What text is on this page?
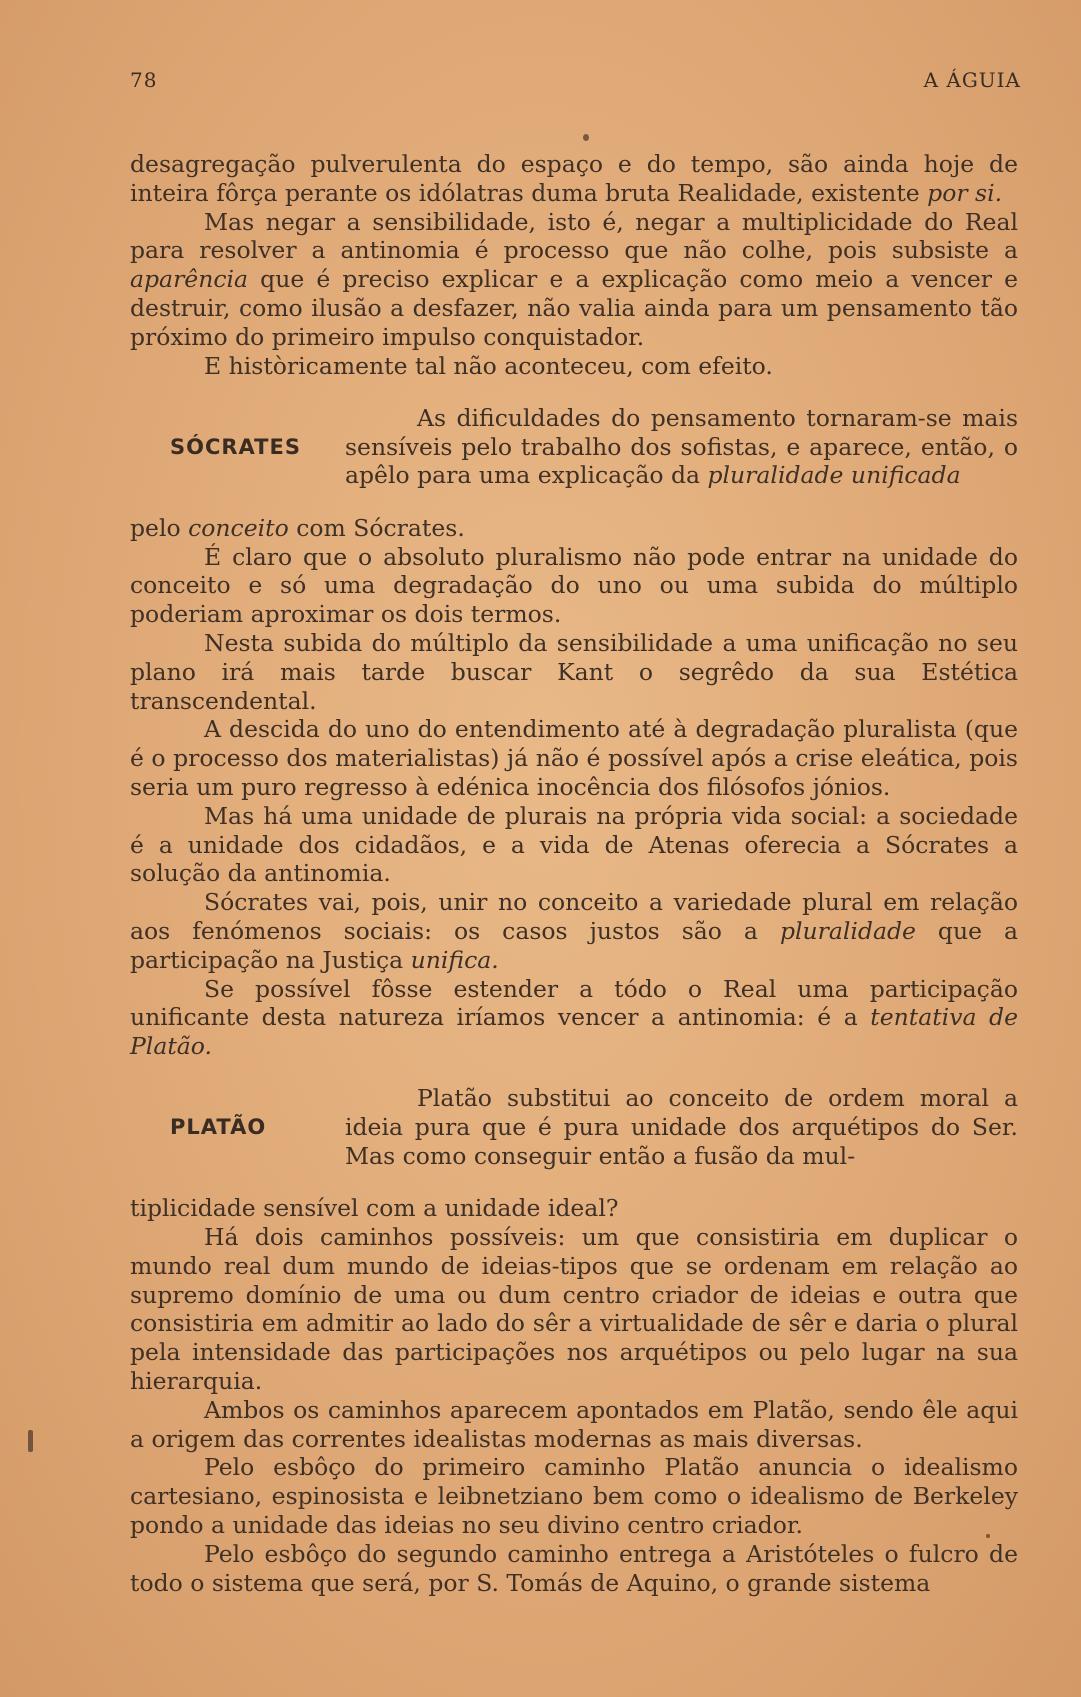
78	A ÁGUIA

desagregação pulverulenta do espaço e do tempo, são ainda hoje de inteira fôrça perante os idólatras duma bruta Realidade, existente por si.

Mas negar a sensibilidade, isto é, negar a multiplicidade do Real para resolver a antinomia é processo que não colhe, pois subsiste a aparência que é preciso explicar e a explicação como meio a vencer e destruir, como ilusão a desfazer, não valia ainda para um pensamento tão próximo do primeiro impulso conquistador.

E històricamente tal não aconteceu, com efeito.

SÓCRATES

As dificuldades do pensamento tornaram-se mais sensíveis pelo trabalho dos sofistas, e aparece, então, o apêlo para uma explicação da pluralidade unificada

pelo conceito com Sócrates.

É claro que o absoluto pluralismo não pode entrar na unidade do conceito e só uma degradação do uno ou uma subida do múltiplo poderiam aproximar os dois termos.

Nesta subida do múltiplo da sensibilidade a uma unificação no seu plano irá mais tarde buscar Kant o segrêdo da sua Estética transcendental.

A descida do uno do entendimento até à degradação pluralista (que é o processo dos materialistas) já não é possível após a crise eleática, pois seria um puro regresso à edénica inocência dos filósofos jónios.

Mas há uma unidade de plurais na própria vida social: a sociedade é a unidade dos cidadãos, e a vida de Atenas oferecia a Sócrates a solução da antinomia.

Sócrates vai, pois, unir no conceito a variedade plural em relação aos fenómenos sociais: os casos justos são a pluralidade que a participação na Justiça unifica.

Se possível fôsse estender a tódo o Real uma participação unificante desta natureza iríamos vencer a antinomia: é a tentativa de Platão.

PLATÃO

Platão substitui ao conceito de ordem moral a ideia pura que é pura unidade dos arquétipos do Ser. Mas como conseguir então a fusão da mul-

tiplicidade sensível com a unidade ideal?

Há dois caminhos possíveis: um que consistiria em duplicar o mundo real dum mundo de ideias-tipos que se ordenam em relação ao supremo domínio de uma ou dum centro criador de ideias e outra que consistiria em admitir ao lado do sêr a virtualidade de sêr e daria o plural pela intensidade das participações nos arquétipos ou pelo lugar na sua hierarquia.

Ambos os caminhos aparecem apontados em Platão, sendo êle aqui a origem das correntes idealistas modernas as mais diversas.

Pelo esbôço do primeiro caminho Platão anuncia o idealismo cartesiano, espinosista e leibnetziano bem como o idealismo de Berkeley pondo a unidade das ideias no seu divino centro criador.

Pelo esbôço do segundo caminho entrega a Aristóteles o fulcro de todo o sistema que será, por S. Tomás de Aquino, o grande sistema
